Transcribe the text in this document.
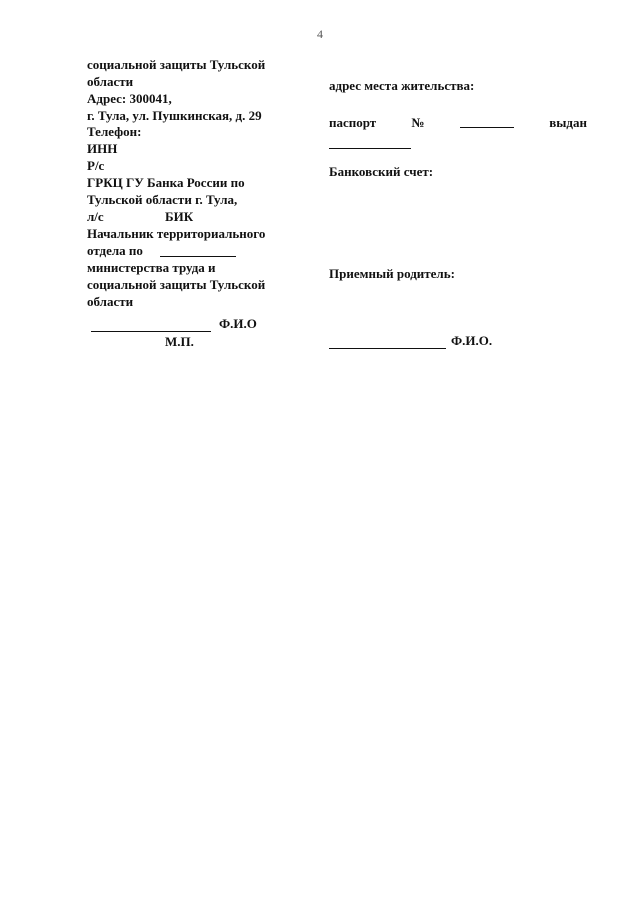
4
социальной защиты Тульской
области
Адрес: 300041,
г. Тула, ул. Пушкинская, д. 29
Телефон:
ИНН
Р/с
ГРКЦ ГУ Банка России по
Тульской области г. Тула,
л/с	БИК
Начальник территориального
отдела по
министерства труда и
социальной защиты Тульской
области
Ф.И.О
М.П.
адрес места жительства:
паспорт	№	выдан
Банковский счет:
Приемный родитель:
Ф.И.О.
